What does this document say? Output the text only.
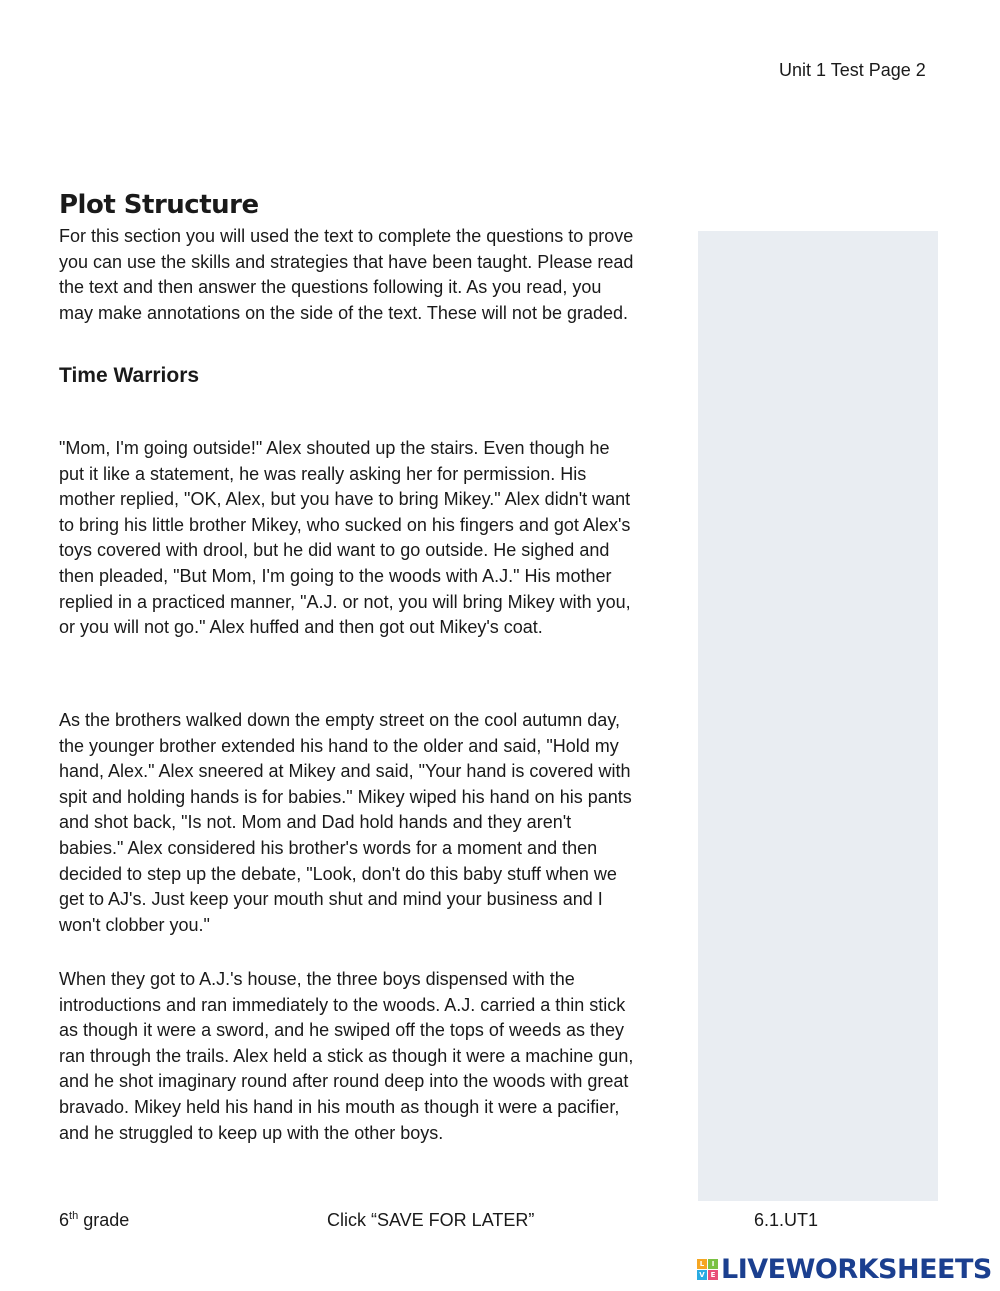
Unit 1 Test Page 2
Plot Structure

For this section you will used the text to complete the questions to prove you can use the skills and strategies that have been taught. Please read the text and then answer the questions following it. As you read, you may make annotations on the side of the text. These will not be graded.

Time Warriors

"Mom, I'm going outside!" Alex shouted up the stairs. Even though he put it like a statement, he was really asking her for permission. His mother replied, "OK, Alex, but you have to bring Mikey." Alex didn't want to bring his little brother Mikey, who sucked on his fingers and got Alex's toys covered with drool, but he did want to go outside. He sighed and then pleaded, "But Mom, I'm going to the woods with A.J." His mother replied in a practiced manner, "A.J. or not, you will bring Mikey with you, or you will not go." Alex huffed and then got out Mikey's coat.

As the brothers walked down the empty street on the cool autumn day, the younger brother extended his hand to the older and said, "Hold my hand, Alex." Alex sneered at Mikey and said, "Your hand is covered with spit and holding hands is for babies." Mikey wiped his hand on his pants and shot back, "Is not. Mom and Dad hold hands and they aren't babies." Alex considered his brother's words for a moment and then decided to step up the debate, "Look, don't do this baby stuff when we get to AJ's. Just keep your mouth shut and mind your business and I won't clobber you."

When they got to A.J.'s house, the three boys dispensed with the introductions and ran immediately to the woods. A.J. carried a thin stick as though it were a sword, and he swiped off the tops of weeds as they ran through the trails. Alex held a stick as though it were a machine gun, and he shot imaginary round after round deep into the woods with great bravado. Mikey held his hand in his mouth as though it were a pacifier, and he struggled to keep up with the other boys.

6th grade	Click “SAVE FOR LATER”	6.1.UT1
L	I
V E LIVEWORKSHEETS
